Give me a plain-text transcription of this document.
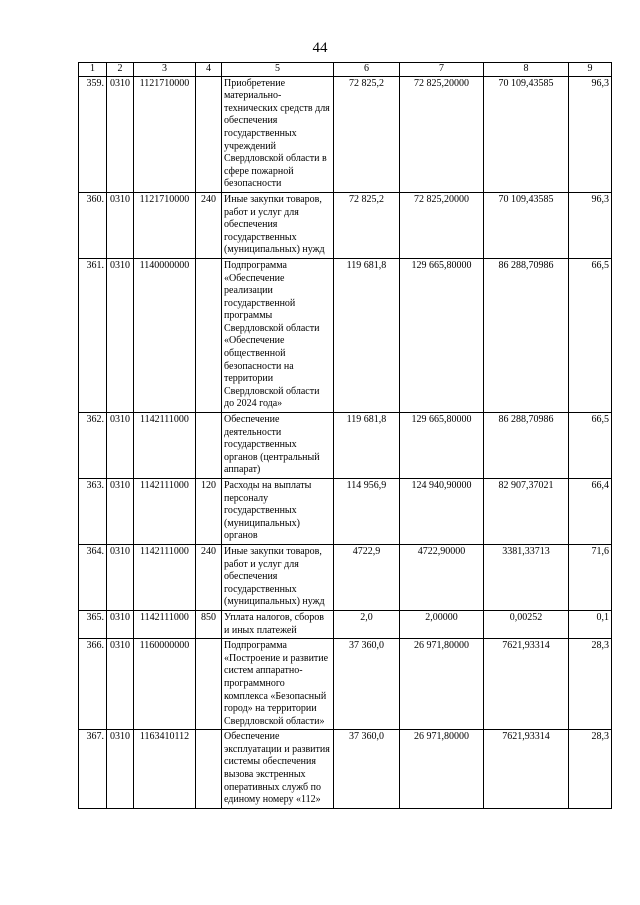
44
1	2	3	4	5	6	7	8	9
359.	0310	1121710000		Приобретение материально-технических средств для обеспечения государственных учреждений Свердловской области в сфере пожарной безопасности	72 825,2	72 825,20000	70 109,43585	96,3
360.	0310	1121710000	240	Иные закупки товаров, работ и услуг для обеспечения государственных (муниципальных) нужд	72 825,2	72 825,20000	70 109,43585	96,3
361.	0310	1140000000		Подпрограмма «Обеспечение реализации государственной программы Свердловской области «Обеспечение общественной безопасности на территории Свердловской области до 2024 года»	119 681,8	129 665,80000	86 288,70986	66,5
362.	0310	1142111000		Обеспечение деятельности государственных органов (центральный аппарат)	119 681,8	129 665,80000	86 288,70986	66,5
363.	0310	1142111000	120	Расходы на выплаты персоналу государственных (муниципальных) органов	114 956,9	124 940,90000	82 907,37021	66,4
364.	0310	1142111000	240	Иные закупки товаров, работ и услуг для обеспечения государственных (муниципальных) нужд	4722,9	4722,90000	3381,33713	71,6
365.	0310	1142111000	850	Уплата налогов, сборов и иных платежей	2,0	2,00000	0,00252	0,1
366.	0310	1160000000		Подпрограмма «Построение и развитие систем аппаратно-программного комплекса «Безопасный город» на территории Свердловской области»	37 360,0	26 971,80000	7621,93314	28,3
367.	0310	1163410112		Обеспечение эксплуатации и развития системы обеспечения вызова экстренных оперативных служб по единому номеру «112»	37 360,0	26 971,80000	7621,93314	28,3
